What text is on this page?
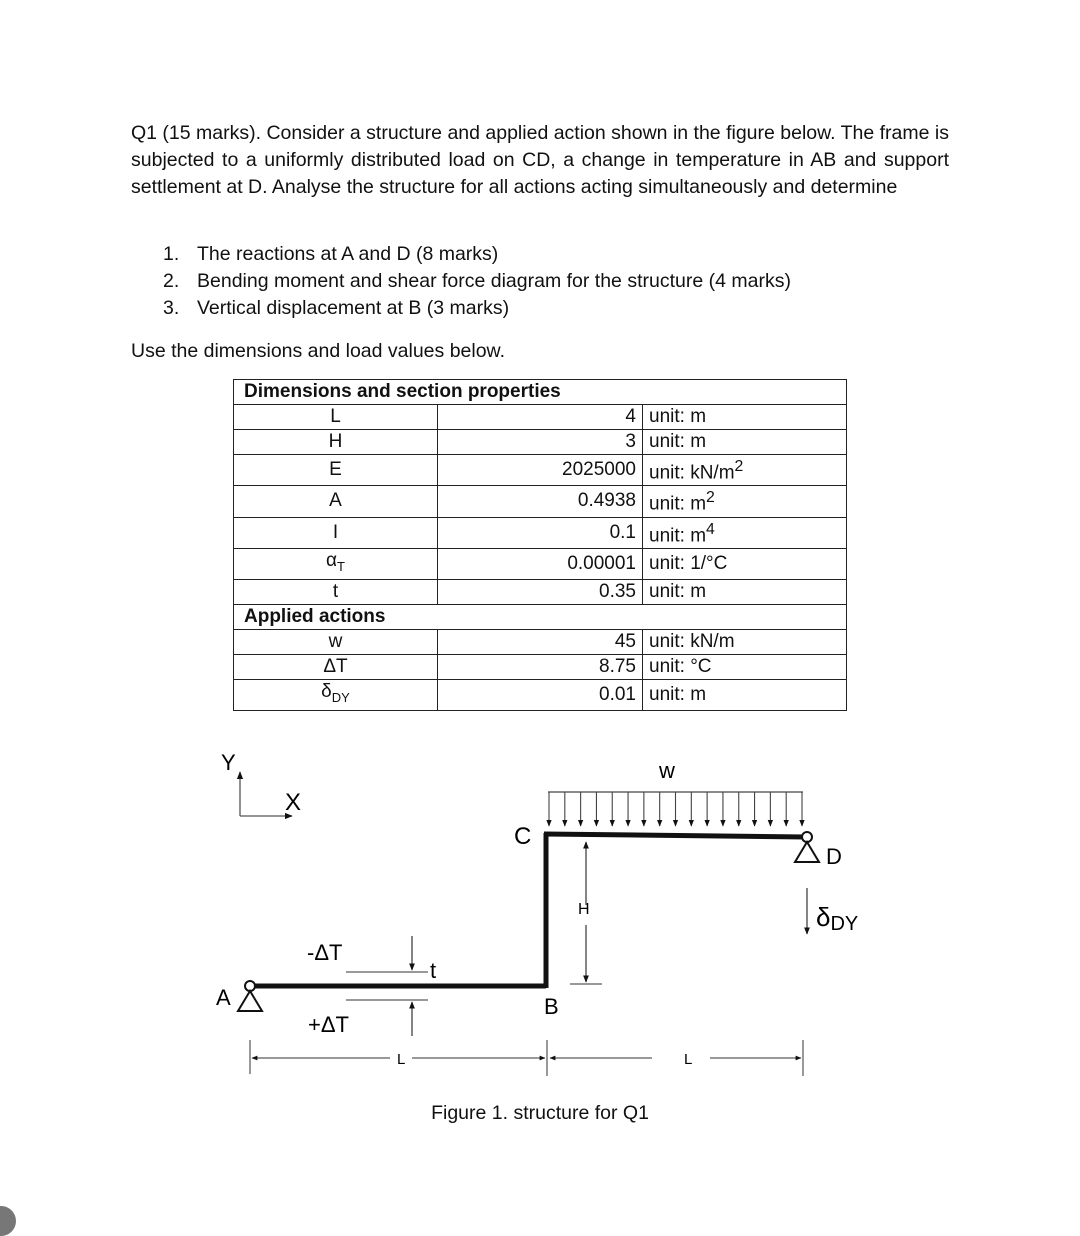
Q1 (15 marks). Consider a structure and applied action shown in the figure below. The frame is subjected to a uniformly distributed load on CD, a change in temperature in AB and support settlement at D. Analyse the structure for all actions acting simultaneously and determine

1. The reactions at A and D (8 marks)
2. Bending moment and shear force diagram for the structure (4 marks)
3. Vertical displacement at B (3 marks)

Use the dimensions and load values below.

Dimensions and section properties		
L	4	unit: m
H	3	unit: m
E	2025000	unit: $kN/m^2$
A	0.4938	unit: $m^2$
I	0.1	unit: $m^4$
$\alpha_T$	0.00001	unit: 1/°C
t	0.35	unit: m
Applied actions		
w	45	unit: kN/m
ΔT	8.75	unit: °C
$\delta_{DY}$	0.01	unit: m
Y
X
A
D
B
C
w
H
-ΔT
+ΔT
t
L	L
δDY

Figure 1. structure for Q1
